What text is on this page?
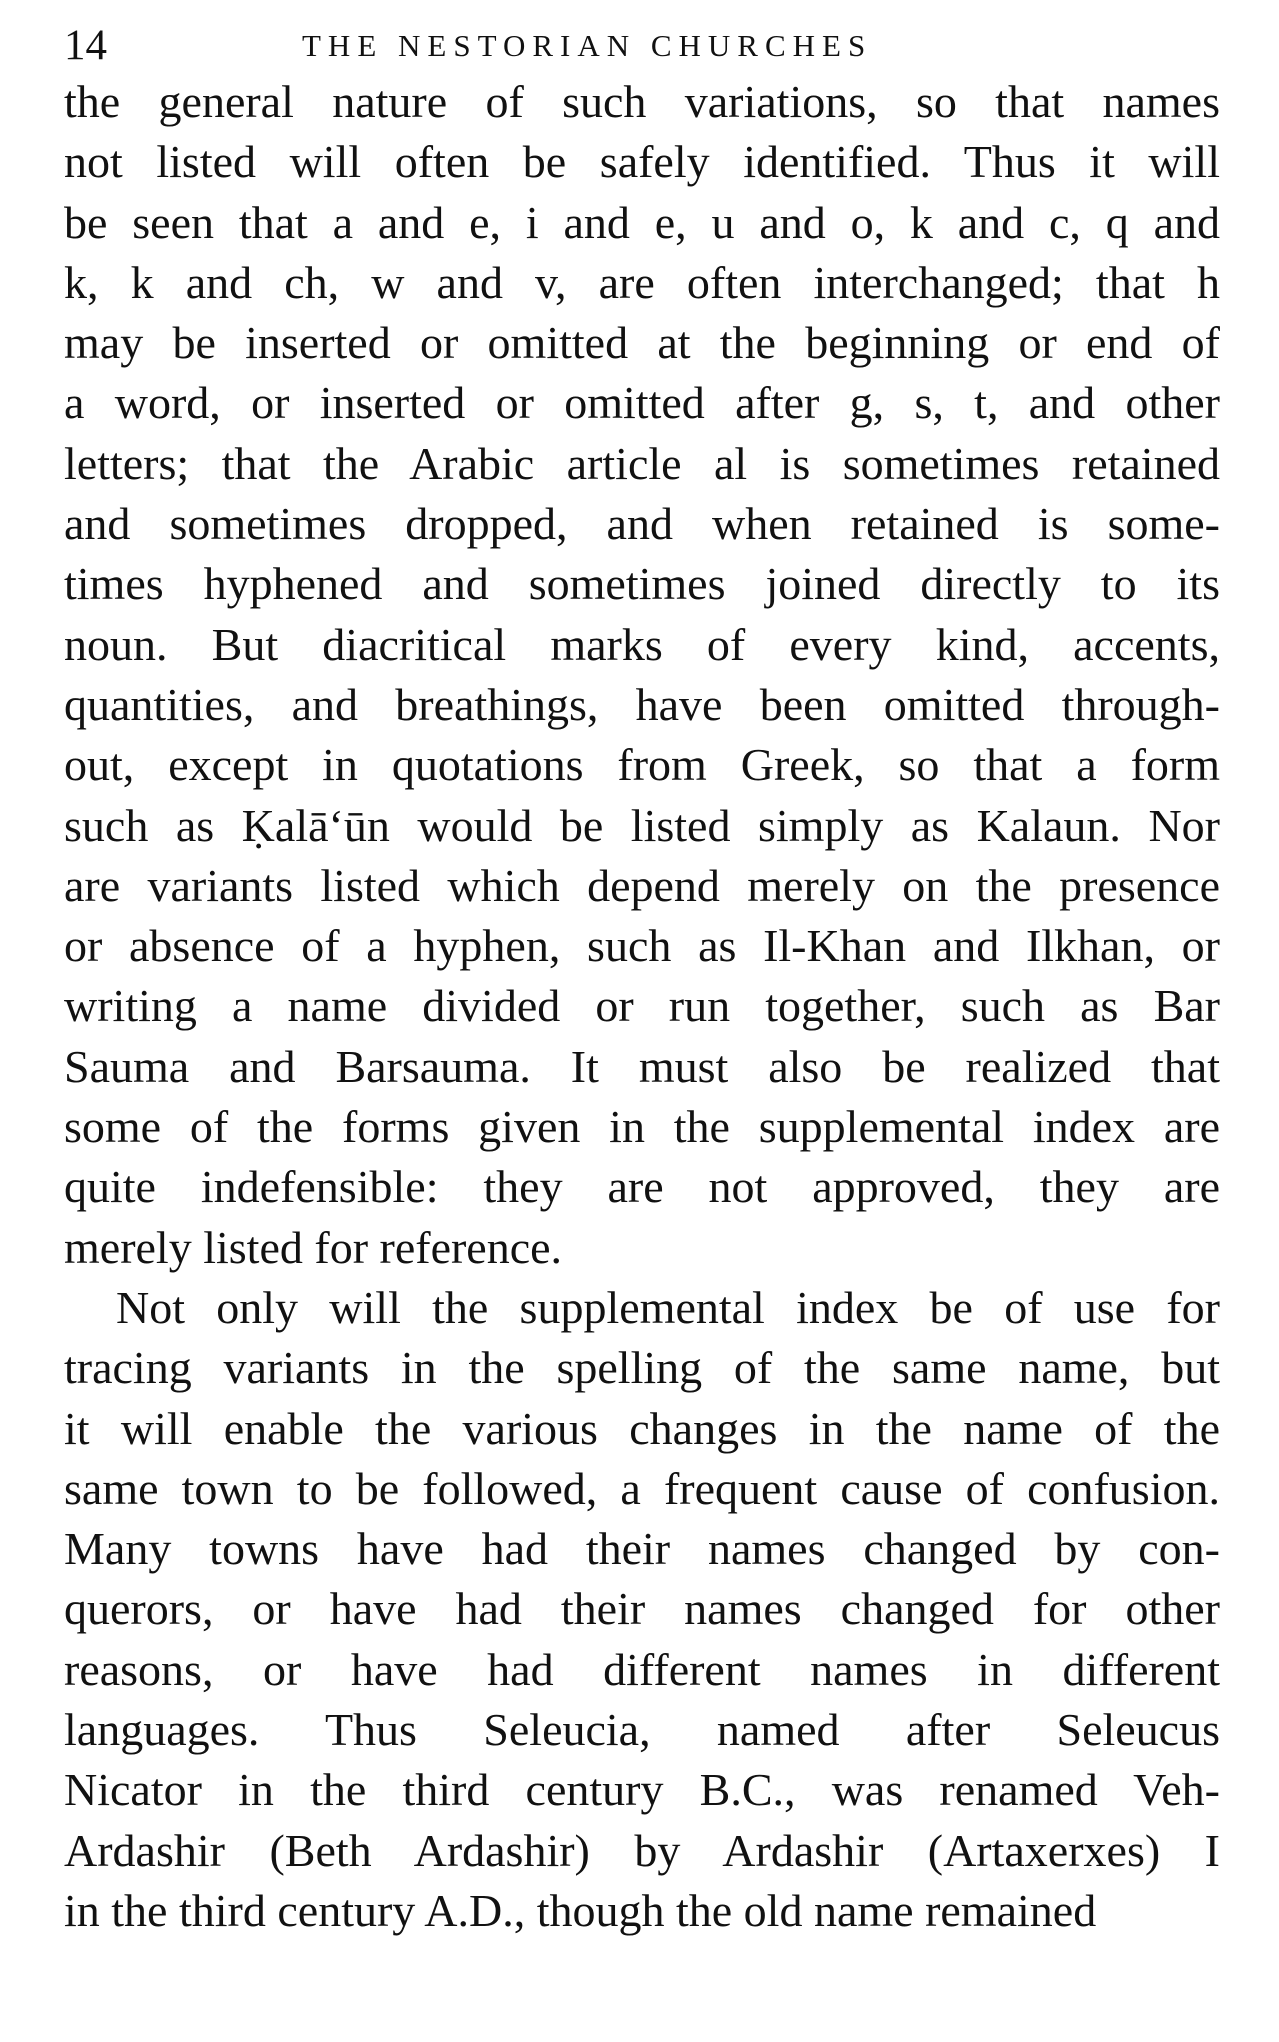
14	THE NESTORIAN CHURCHES
the general nature of such variations, so that names
not listed will often be safely identified. Thus it will
be seen that a and e, i and e, u and o, k and c, q and
k, k and ch, w and v, are often interchanged; that h
may be inserted or omitted at the beginning or end of
a word, or inserted or omitted after g, s, t, and other
letters; that the Arabic article al is sometimes retained
and sometimes dropped, and when retained is some-
times hyphened and sometimes joined directly to its
noun. But diacritical marks of every kind, accents,
quantities, and breathings, have been omitted through-
out, except in quotations from Greek, so that a form
such as Ḳalā‘ūn would be listed simply as Kalaun. Nor
are variants listed which depend merely on the presence
or absence of a hyphen, such as Il-Khan and Ilkhan, or
writing a name divided or run together, such as Bar
Sauma and Barsauma. It must also be realized that
some of the forms given in the supplemental index are
quite indefensible: they are not approved, they are
merely listed for reference.
Not only will the supplemental index be of use for
tracing variants in the spelling of the same name, but
it will enable the various changes in the name of the
same town to be followed, a frequent cause of confusion.
Many towns have had their names changed by con-
querors, or have had their names changed for other
reasons, or have had different names in different
languages. Thus Seleucia, named after Seleucus
Nicator in the third century B.C., was renamed Veh-
Ardashir (Beth Ardashir) by Ardashir (Artaxerxes) I
in the third century A.D., though the old name remained
